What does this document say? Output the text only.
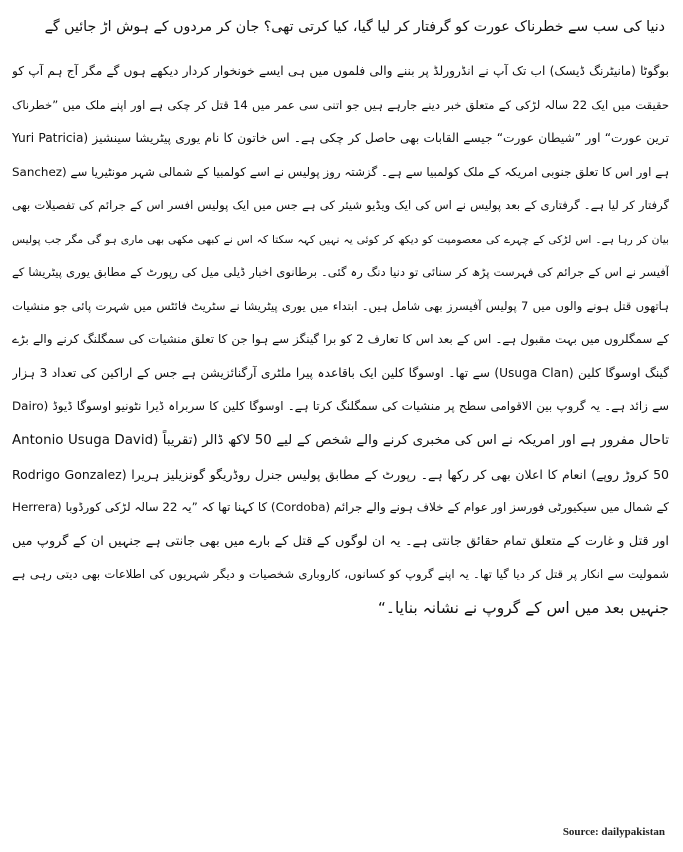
دنیا کی سب سے خطرناک عورت کو گرفتار کر لیا گیا، کیا کرتی تھی؟ جان کر مردوں کے ہوش اڑ جائیں گے
بوگوٹا (مانیٹرنگ ڈیسک) اب تک آپ نے انڈرورلڈ پر بننے والی فلموں میں ہی ایسے خونخوار کردار دیکھے ہوں گے مگر آج ہم آپ کو
حقیقت میں ایک 22 سالہ لڑکی کے متعلق خبر دینے جارہے ہیں جو اتنی سی عمر میں 14 قتل کر چکی ہے اور اپنے ملک میں ”خطرناک
ترین عورت“ اور ”شیطان عورت“ جیسے القابات بھی حاصل کر چکی ہے۔ اس خاتون کا نام یوری پیٹریشا سینشیز (Yuri Patricia
Sanchez) ہے اور اس کا تعلق جنوبی امریکہ کے ملک کولمبیا سے ہے۔ گزشتہ روز پولیس نے اسے کولمبیا کے شمالی شہر مونٹیریا سے
گرفتار کر لیا ہے۔ گرفتاری کے بعد پولیس نے اس کی ایک ویڈیو شیئر کی ہے جس میں ایک پولیس افسر اس کے جرائم کی تفصیلات بھی
بیان کر رہا ہے۔ اس لڑکی کے چہرے کی معصومیت کو دیکھ کر کوئی یہ نہیں کہہ سکتا کہ اس نے کبھی مکھی بھی ماری ہو گی مگر جب پولیس
آفیسر نے اس کے جرائم کی فہرست پڑھ کر سنائی تو دنیا دنگ رہ گئی۔ برطانوی اخبار ڈیلی میل کی رپورٹ کے مطابق یوری پیٹریشا کے
ہاتھوں قتل ہونے والوں میں 7 پولیس آفیسرز بھی شامل ہیں۔ ابتداء میں یوری پیٹریشا نے سٹریٹ فائٹس میں شہرت پائی جو منشیات
کے سمگلروں میں بہت مقبول ہے۔ اس کے بعد اس کا تعارف 2 کو برا گینگز سے ہوا جن کا تعلق منشیات کی سمگلنگ کرنے والے بڑے
گینگ اوسوگا کلین (Usuga Clan) سے تھا۔ اوسوگا کلین ایک باقاعدہ پیرا ملٹری آرگنائزیشن ہے جس کے اراکین کی تعداد 3 ہزار
سے زائد ہے۔ یہ گروپ بین الاقوامی سطح پر منشیات کی سمگلنگ کرتا ہے۔ اوسوگا کلین کا سربراہ ڈیرا نٹونیو اوسوگا ڈیوڈ (Dairo
Antonio Usuga David) تاحال مفرور ہے اور امریکہ نے اس کی مخبری کرنے والے شخص کے لیے 50 لاکھ ڈالر (تقریباً
50 کروڑ روپے) انعام کا اعلان بھی کر رکھا ہے۔ رپورٹ کے مطابق پولیس جنرل روڈریگو گونزیلیز ہریرا (Rodrigo Gonzalez
Herrera) کا کہنا تھا کہ ”یہ 22 سالہ لڑکی کورڈوبا (Cordoba) کے شمال میں سیکیورٹی فورسز اور عوام کے خلاف ہونے والے جرائم
اور قتل و غارت کے متعلق تمام حقائق جانتی ہے۔ یہ ان لوگوں کے قتل کے بارے میں بھی جانتی ہے جنہیں ان کے گروپ میں
شمولیت سے انکار پر قتل کر دیا گیا تھا۔ یہ اپنے گروپ کو کسانوں، کاروباری شخصیات و دیگر شہریوں کی اطلاعات بھی دیتی رہی ہے
جنہیں بعد میں اس کے گروپ نے نشانہ بنایا۔“
Source: dailypakistan
